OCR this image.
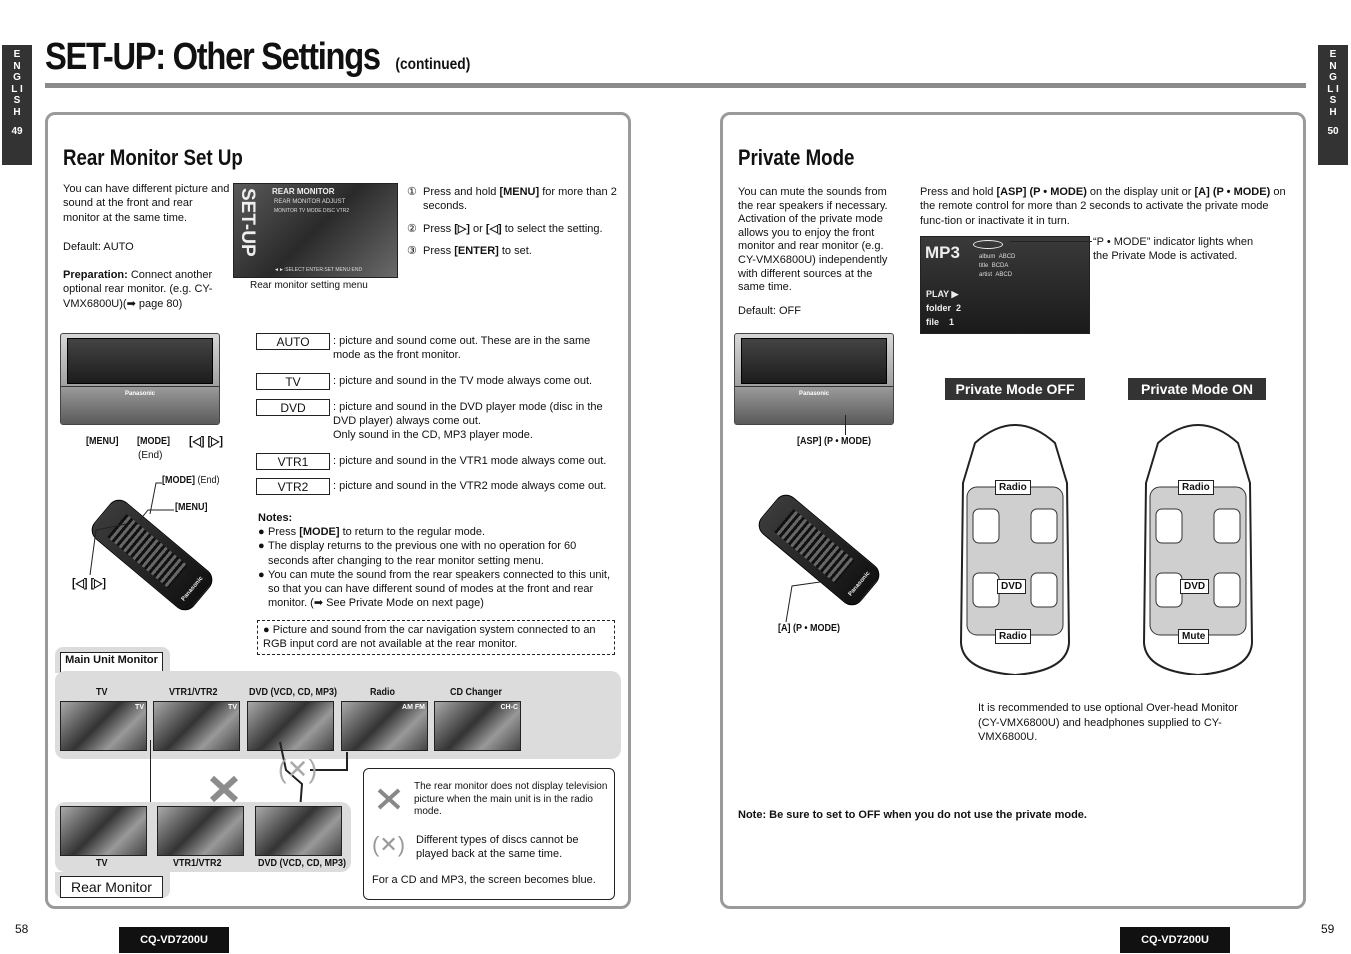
E N G L I S H
49
E N G L I S H
50
SET-UP: Other Settings (continued)
Rear Monitor Set Up
You can have different picture and sound at the front and rear monitor at the same time.
Default: AUTO
Preparation: Connect another optional rear monitor. (e.g. CY-VMX6800U)(➡ page 80)
SET-UP REAR MONITOR
REAR MONITOR ADJUST
MONITOR TV MODE DISC VTR2
◄►:SELECT ENTER:SET MENU:END
Rear monitor setting menu
① Press and hold [MENU] for more than 2 seconds.
② Press [▷] or [◁] to select the setting.
③ Press [ENTER] to set.
Panasonic
[MENU] [MODE] [◁] [▷]
(End)
Panasonic
[MODE] (End)
[MENU]
[◁] [▷]
AUTO	: picture and sound come out. These are in the same mode as the front monitor.
TV	: picture and sound in the TV mode always come out.
DVD	: picture and sound in the DVD player mode (disc in the DVD player) always come out.
Only sound in the CD, MP3 player mode.
VTR1	: picture and sound in the VTR1 mode always come out.
VTR2	: picture and sound in the VTR2 mode always come out.
Notes:
● Press [MODE] to return to the regular mode.
● The display returns to the previous one with no operation for 60 seconds after changing to the rear monitor setting menu.
● You can mute the sound from the rear speakers connected to this unit, so that you can have different sound of modes at the front and rear monitor. (➡ See Private Mode on next page)
● Picture and sound from the car navigation system connected to an RGB input cord are not available at the rear monitor.
Main Unit Monitor
TV
TV
VTR1/VTR2
TV
DVD (VCD, CD, MP3)	Radio
AM FM
CD Changer
CH-C
(✕)
TV	VTR1/VTR2	DVD (VCD, CD, MP3)
Rear Monitor
The rear monitor does not display television picture when the main unit is in the radio mode.
(✕) Different types of discs cannot be played back at the same time.
For a CD and MP3, the screen becomes blue.
Private Mode
You can mute the sounds from the rear speakers if necessary. Activation of the private mode allows you to enjoy the front monitor and rear monitor (e.g. CY-VMX6800U) independently with different sources at the same time.
Default: OFF
Press and hold [ASP] (P • MODE) on the display unit or [A] (P • MODE) on the remote control for more than 2 seconds to activate the private mode func-tion or inactivate it in turn.
MP3	album ABCD
title BCDA
artist ABCD
PLAY ▶
folder 2
file 1
“P • MODE” indicator lights when the Private Mode is activated.
Panasonic
[ASP] (P • MODE)
Panasonic
[A] (P • MODE)
Private Mode OFF	Private Mode ON
Radio
DVD
Radio
Radio
DVD
Mute
It is recommended to use optional Over-head Monitor (CY-VMX6800U) and headphones supplied to CY-VMX6800U.
Note: Be sure to set to OFF when you do not use the private mode.
58
CQ-VD7200U	CQ-VD7200U
59
